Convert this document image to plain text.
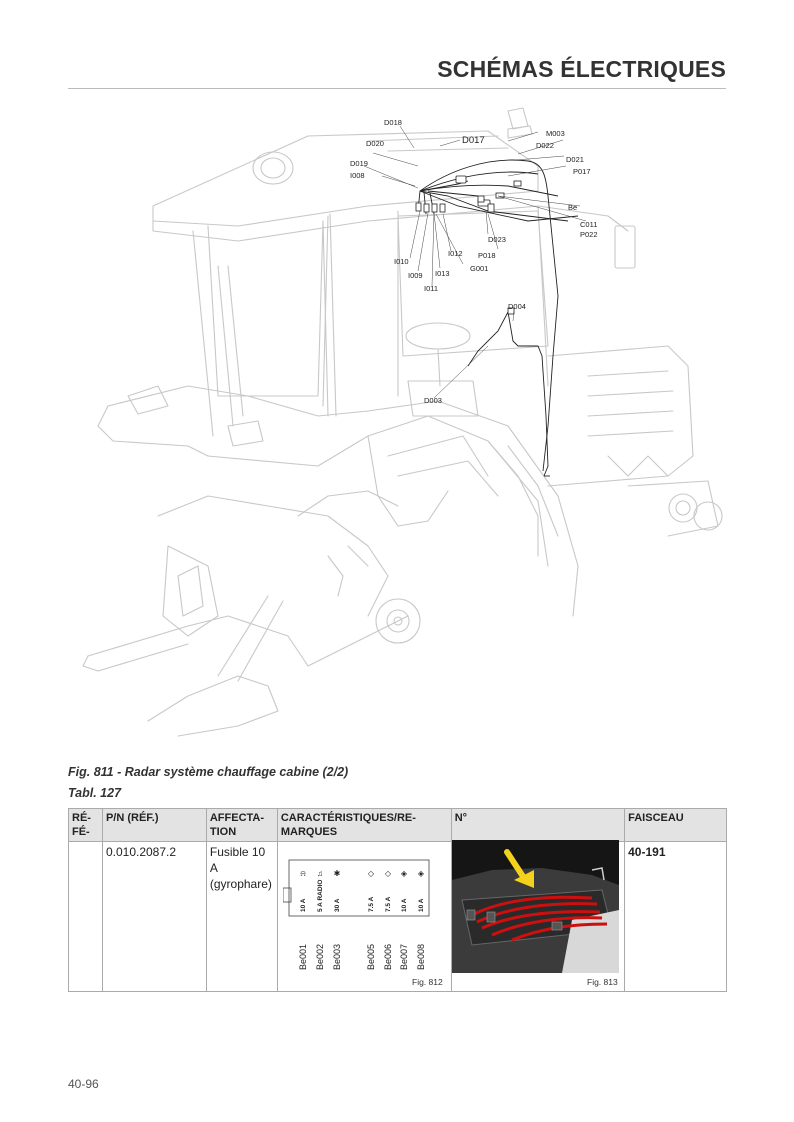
SCHÉMAS ÉLECTRIQUES
D018
D017
M003
D020	D022
D021
D019
P017
I008
Be
C011
P022
D023
I012 P018
G001
I010
I009 I013
I011
D004
D003
Fig. 811 - Radar système chauffage cabine (2/2)
Tabl. 127
RÉ-FÉ-	P/N (RÉF.)	AFFECTA-TION	CARACTÉRISTIQUES/RE-MARQUES	N°	FAISCEAU
	0.010.2087.2	Fusible 10 A (gyrophare)			40-191
⍾
10 A
Be001
♫
5 A RADIO
Be002
✱
30 A
Be003
◇
7.5 A
Be005
◇
7.5 A
Be006
◈
10 A
Be007
◈
10 A
Be008
Fig. 812	Fig. 813
40-96
